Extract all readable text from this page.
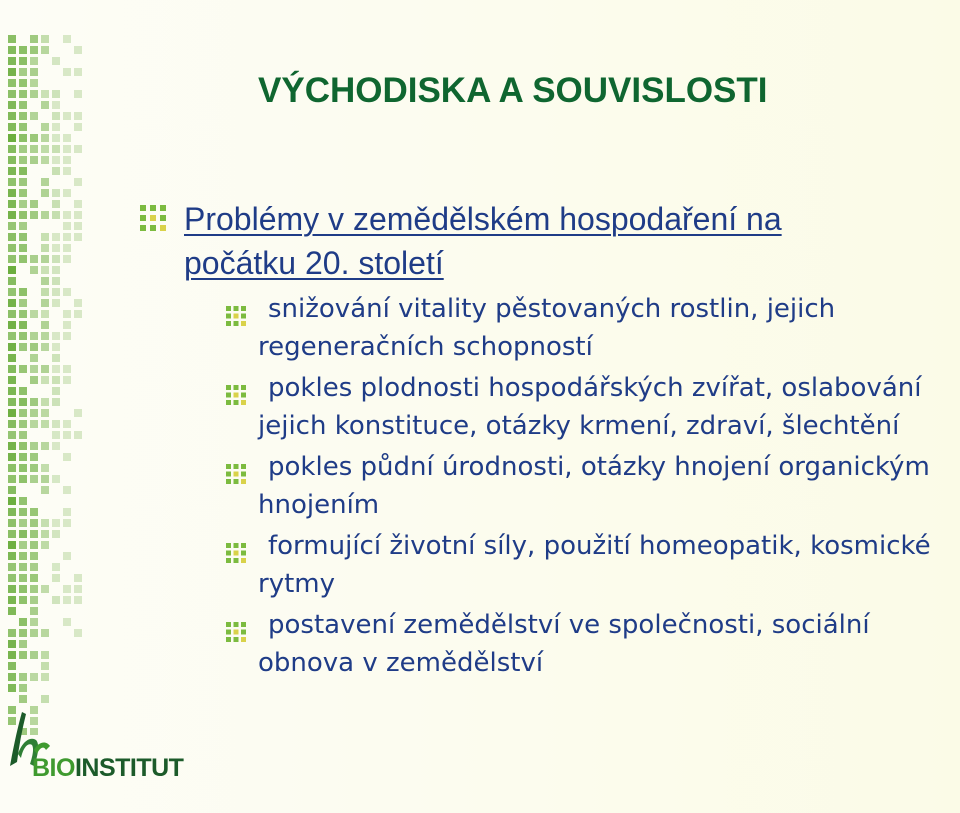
VÝCHODISKA A SOUVISLOSTI
Problémy v zemědělském hospodaření na počátku 20. století
snižování vitality pěstovaných rostlin, jejich regeneračních schopností
pokles plodnosti hospodářských zvířat, oslabování jejich konstituce, otázky krmení, zdraví, šlechtění
pokles půdní úrodnosti, otázky hnojení organickým hnojením
formující životní síly, použití homeopatik, kosmické rytmy
postavení zemědělství ve společnosti, sociální obnova v zemědělství
BIOINSTITUT
